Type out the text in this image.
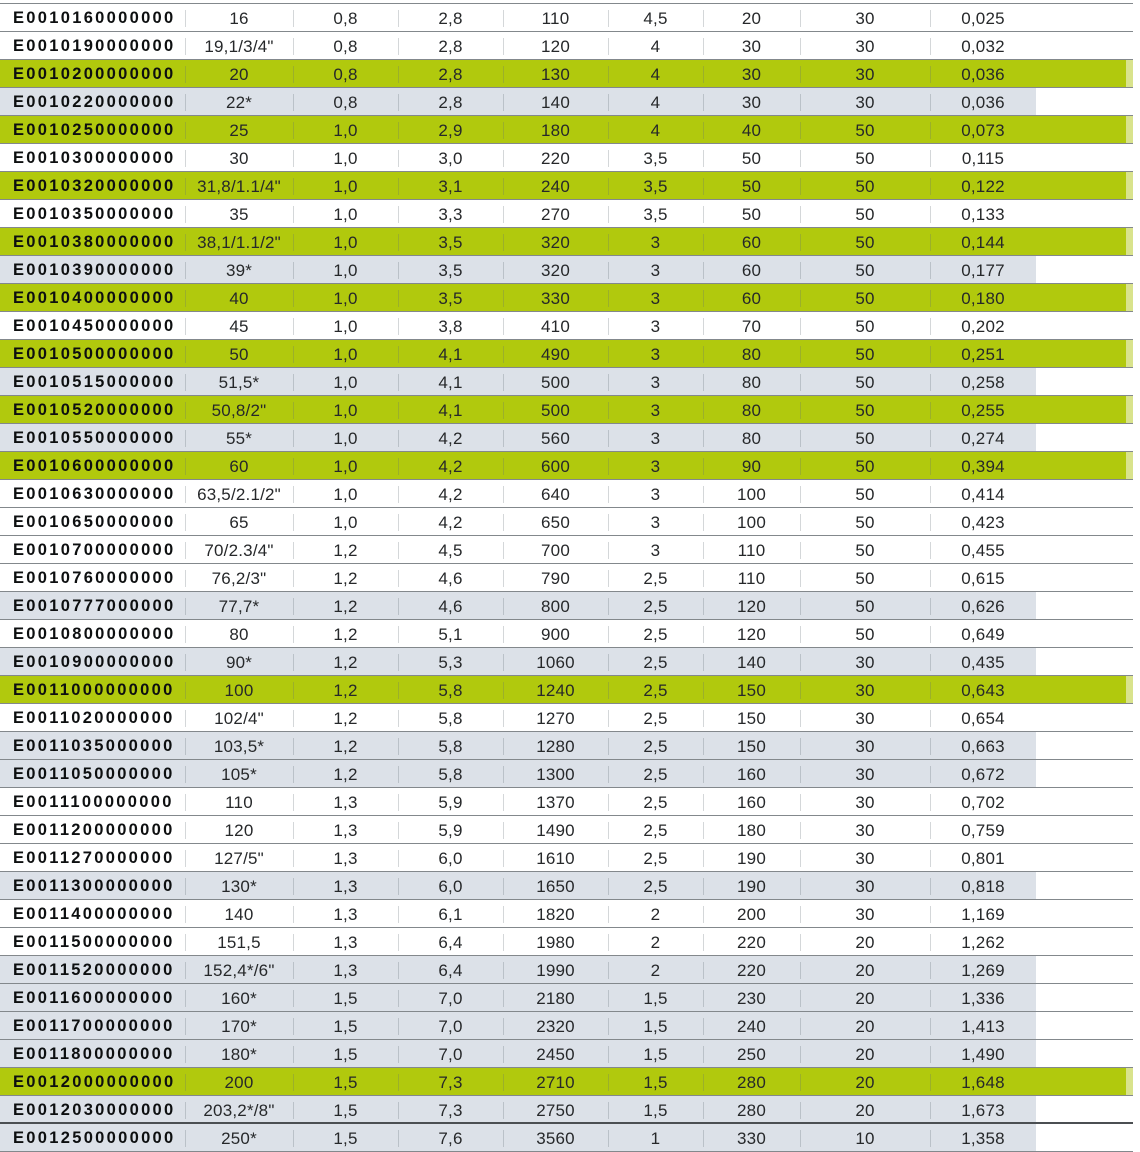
E0010160000000	16	0,8	2,8	110	4,5	20	30	0,025
E0010190000000	19,1/3/4"	0,8	2,8	120	4	30	30	0,032
E0010200000000	20	0,8	2,8	130	4	30	30	0,036
E0010220000000	22*	0,8	2,8	140	4	30	30	0,036
E0010250000000	25	1,0	2,9	180	4	40	50	0,073
E0010300000000	30	1,0	3,0	220	3,5	50	50	0,115
E0010320000000	31,8/1.1/4"	1,0	3,1	240	3,5	50	50	0,122
E0010350000000	35	1,0	3,3	270	3,5	50	50	0,133
E0010380000000	38,1/1.1/2"	1,0	3,5	320	3	60	50	0,144
E0010390000000	39*	1,0	3,5	320	3	60	50	0,177
E0010400000000	40	1,0	3,5	330	3	60	50	0,180
E0010450000000	45	1,0	3,8	410	3	70	50	0,202
E0010500000000	50	1,0	4,1	490	3	80	50	0,251
E0010515000000	51,5*	1,0	4,1	500	3	80	50	0,258
E0010520000000	50,8/2"	1,0	4,1	500	3	80	50	0,255
E0010550000000	55*	1,0	4,2	560	3	80	50	0,274
E0010600000000	60	1,0	4,2	600	3	90	50	0,394
E0010630000000	63,5/2.1/2"	1,0	4,2	640	3	100	50	0,414
E0010650000000	65	1,0	4,2	650	3	100	50	0,423
E0010700000000	70/2.3/4"	1,2	4,5	700	3	110	50	0,455
E0010760000000	76,2/3"	1,2	4,6	790	2,5	110	50	0,615
E0010777000000	77,7*	1,2	4,6	800	2,5	120	50	0,626
E0010800000000	80	1,2	5,1	900	2,5	120	50	0,649
E0010900000000	90*	1,2	5,3	1060	2,5	140	30	0,435
E0011000000000	100	1,2	5,8	1240	2,5	150	30	0,643
E0011020000000	102/4"	1,2	5,8	1270	2,5	150	30	0,654
E0011035000000	103,5*	1,2	5,8	1280	2,5	150	30	0,663
E0011050000000	105*	1,2	5,8	1300	2,5	160	30	0,672
E0011100000000	110	1,3	5,9	1370	2,5	160	30	0,702
E0011200000000	120	1,3	5,9	1490	2,5	180	30	0,759
E0011270000000	127/5"	1,3	6,0	1610	2,5	190	30	0,801
E0011300000000	130*	1,3	6,0	1650	2,5	190	30	0,818
E0011400000000	140	1,3	6,1	1820	2	200	30	1,169
E0011500000000	151,5	1,3	6,4	1980	2	220	20	1,262
E0011520000000	152,4*/6"	1,3	6,4	1990	2	220	20	1,269
E0011600000000	160*	1,5	7,0	2180	1,5	230	20	1,336
E0011700000000	170*	1,5	7,0	2320	1,5	240	20	1,413
E0011800000000	180*	1,5	7,0	2450	1,5	250	20	1,490
E0012000000000	200	1,5	7,3	2710	1,5	280	20	1,648
E0012030000000	203,2*/8"	1,5	7,3	2750	1,5	280	20	1,673
E0012500000000	250*	1,5	7,6	3560	1	330	10	1,358
